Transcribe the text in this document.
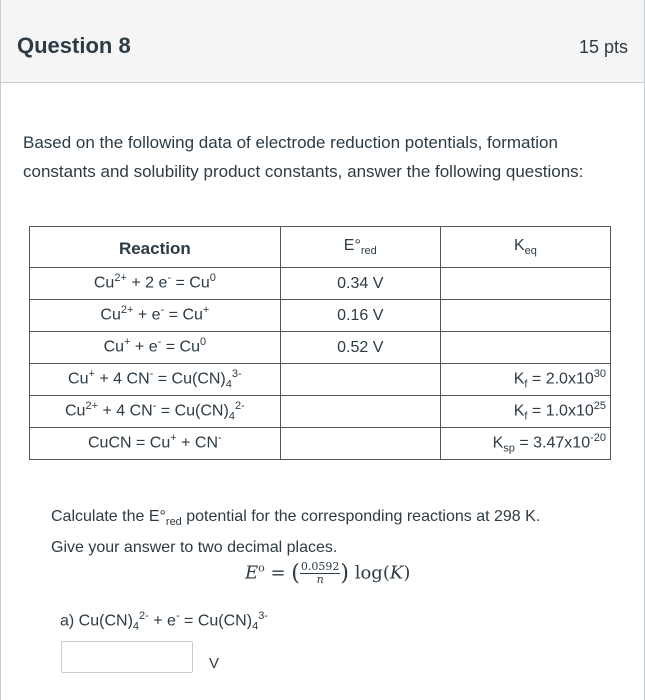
Question 8	15 pts
Based on the following data of electrode reduction potentials, formation constants and solubility product constants, answer the following questions:
Reaction	$E^\circ_{red}$	$K_{eq}$
$Cu^{2+} + 2$ $e^- = Cu^0$	0.34 V	
$Cu^{2+} + e^- = Cu^+$	0.16 V	
$Cu^+ + e^- = Cu^0$	0.52 V	
Cu+ + 4 $CN^- = Cu(CN)_4^{3-}$		$K_f = 2.0x10^{30}$
$Cu^{2+} + 4$ $CN^- = Cu(CN)_4^{2-}$		$K_f = 1.0x10^{25}$
CuCN = Cu+ + CN-		$K_{sp} = 3.47x10^{-20}$
Calculate the $E^\circ_{red}$ potential for the corresponding reactions at 298 K.
Give your answer to two decimal places.
$E^o$ = ( $\frac{0.0592}{n}$ ) log(K)
a) $Cu(CN)_4^{2-} + e^- = Cu(CN)_4^{3-}$
V
